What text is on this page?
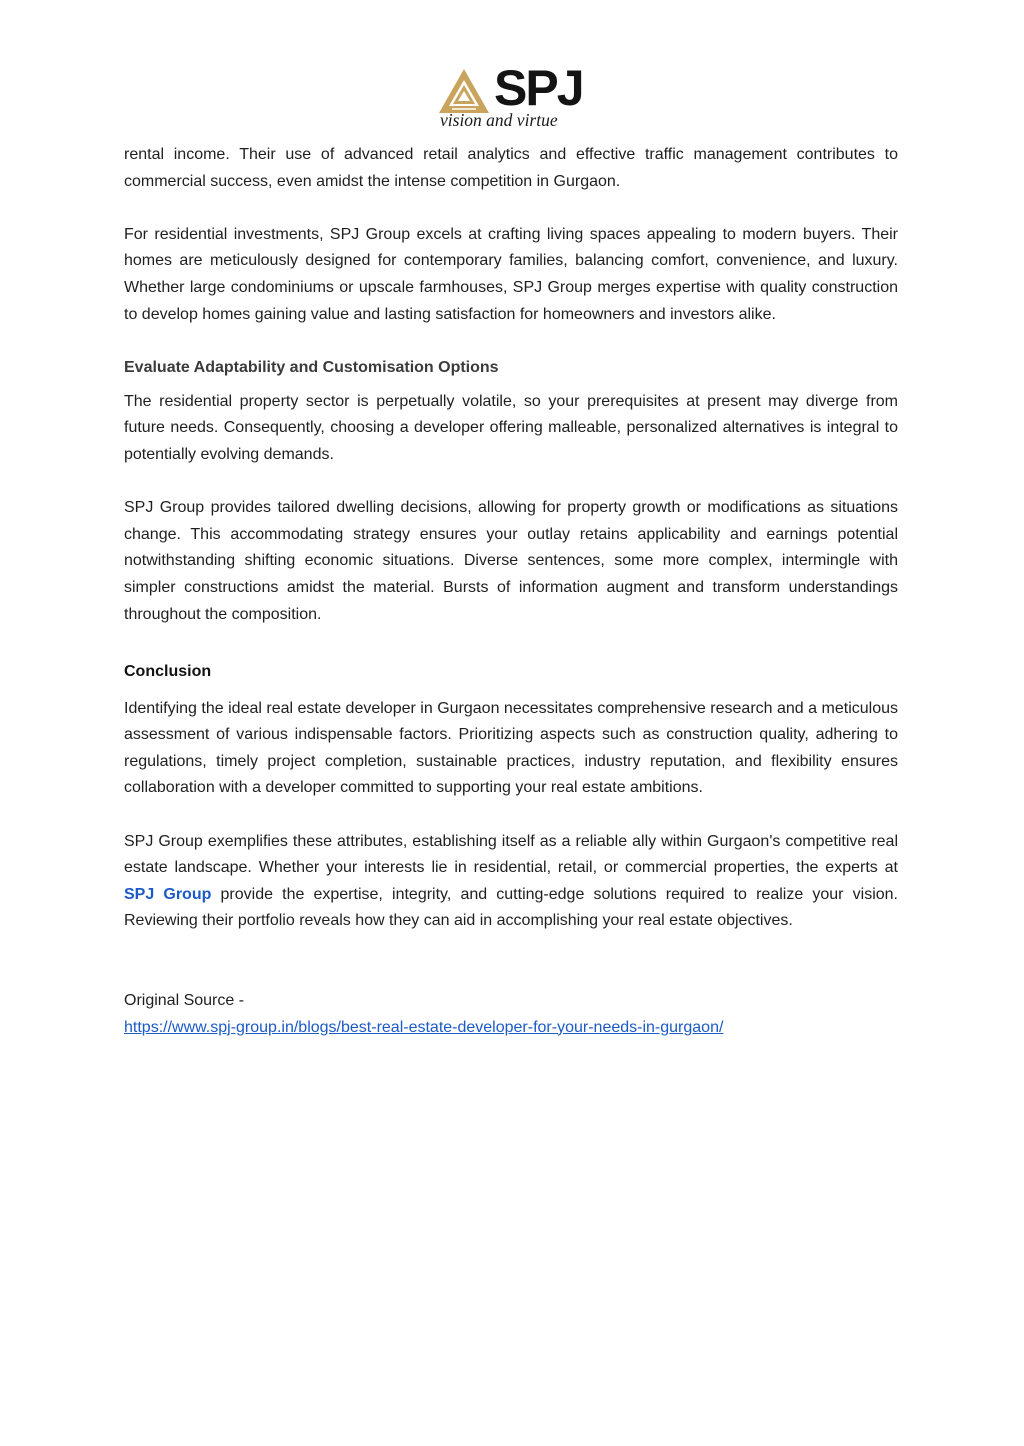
SPJ
vision and virtue

rental income. Their use of advanced retail analytics and effective traffic management contributes to commercial success, even amidst the intense competition in Gurgaon.

For residential investments, SPJ Group excels at crafting living spaces appealing to modern buyers. Their homes are meticulously designed for contemporary families, balancing comfort, convenience, and luxury. Whether large condominiums or upscale farmhouses, SPJ Group merges expertise with quality construction to develop homes gaining value and lasting satisfaction for homeowners and investors alike.

Evaluate Adaptability and Customisation Options

The residential property sector is perpetually volatile, so your prerequisites at present may diverge from future needs. Consequently, choosing a developer offering malleable, personalized alternatives is integral to potentially evolving demands.

SPJ Group provides tailored dwelling decisions, allowing for property growth or modifications as situations change. This accommodating strategy ensures your outlay retains applicability and earnings potential notwithstanding shifting economic situations. Diverse sentences, some more complex, intermingle with simpler constructions amidst the material. Bursts of information augment and transform understandings throughout the composition.

Conclusion

Identifying the ideal real estate developer in Gurgaon necessitates comprehensive research and a meticulous assessment of various indispensable factors. Prioritizing aspects such as construction quality, adhering to regulations, timely project completion, sustainable practices, industry reputation, and flexibility ensures collaboration with a developer committed to supporting your real estate ambitions.

SPJ Group exemplifies these attributes, establishing itself as a reliable ally within Gurgaon's competitive real estate landscape. Whether your interests lie in residential, retail, or commercial properties, the experts at SPJ Group provide the expertise, integrity, and cutting-edge solutions required to realize your vision. Reviewing their portfolio reveals how they can aid in accomplishing your real estate objectives.

Original Source -

https://www.spj-group.in/blogs/best-real-estate-developer-for-your-needs-in-gurgaon/
